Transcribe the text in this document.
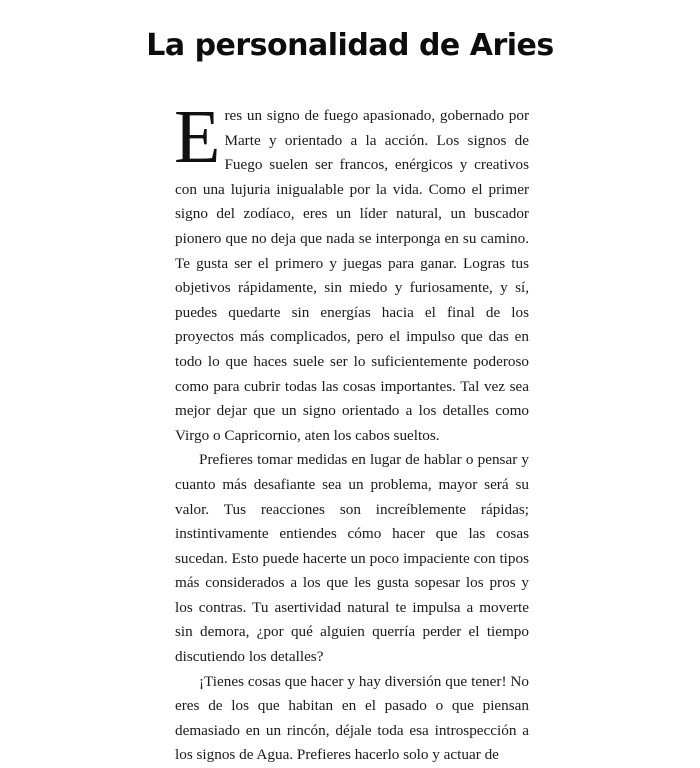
La personalidad de Aries

Eres un signo de fuego apasionado, gobernado por Marte y orientado a la acción. Los signos de Fuego suelen ser francos, enérgicos y creativos con una lujuria inigualable por la vida. Como el primer signo del zodíaco, eres un líder natural, un buscador pionero que no deja que nada se interponga en su camino. Te gusta ser el primero y juegas para ganar. Logras tus objetivos rápidamente, sin miedo y furiosamente, y sí, puedes quedarte sin energías hacia el final de los proyectos más complicados, pero el impulso que das en todo lo que haces suele ser lo suficientemente poderoso como para cubrir todas las cosas importantes. Tal vez sea mejor dejar que un signo orientado a los detalles como Virgo o Capricornio, aten los cabos sueltos.

Prefieres tomar medidas en lugar de hablar o pensar y cuanto más desafiante sea un problema, mayor será su valor. Tus reacciones son increíblemente rápidas; instintivamente entiendes cómo hacer que las cosas sucedan. Esto puede hacerte un poco impaciente con tipos más considerados a los que les gusta sopesar los pros y los contras. Tu asertividad natural te impulsa a moverte sin demora, ¿por qué alguien querría perder el tiempo discutiendo los detalles?

¡Tienes cosas que hacer y hay diversión que tener! No eres de los que habitan en el pasado o que piensan demasiado en un rincón, déjale toda esa introspección a los signos de Agua. Prefieres hacerlo solo y actuar de
